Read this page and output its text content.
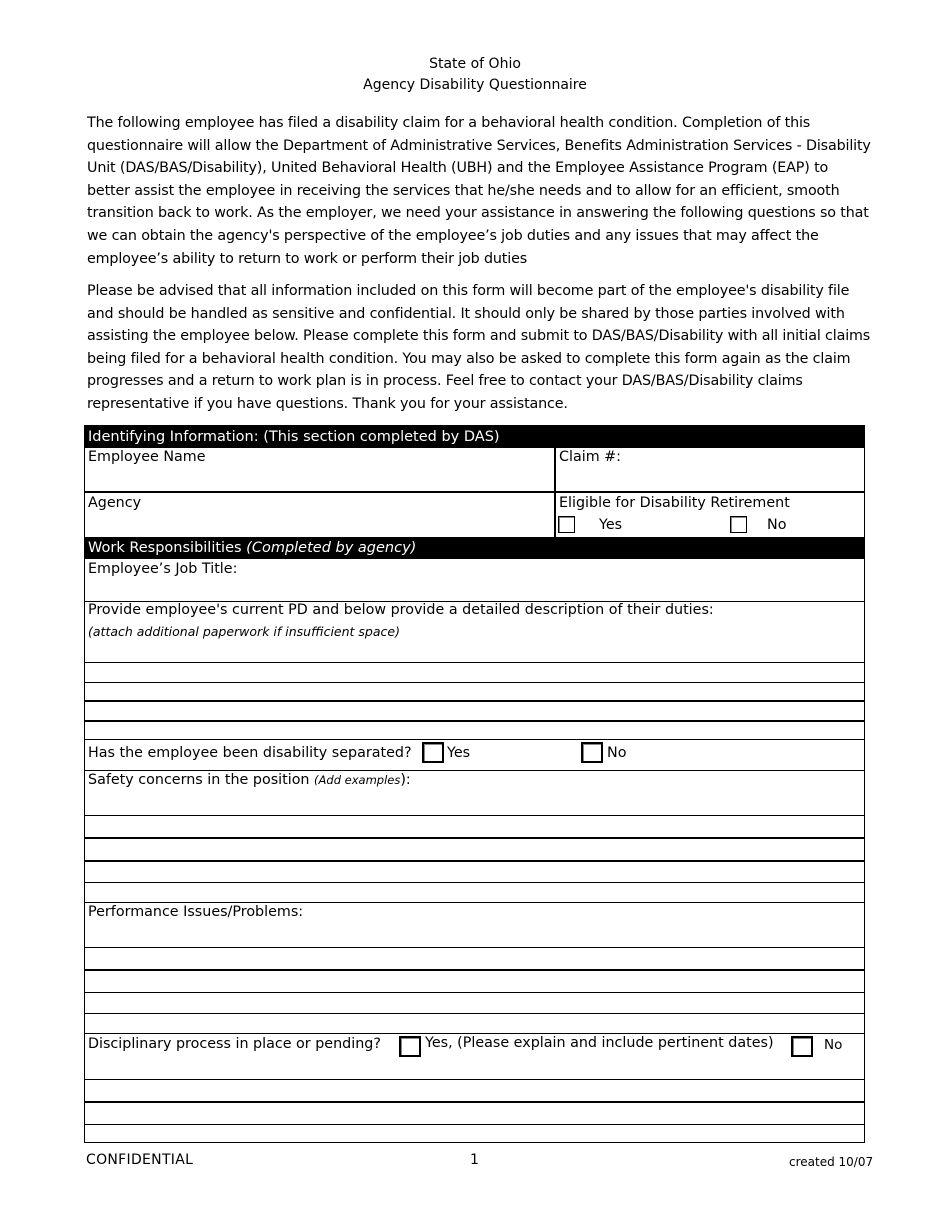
State of Ohio
Agency Disability Questionnaire

The following employee has filed a disability claim for a behavioral health condition. Completion of this questionnaire will allow the Department of Administrative Services, Benefits Administration Services - Disability Unit (DAS/BAS/Disability), United Behavioral Health (UBH) and the Employee Assistance Program (EAP) to better assist the employee in receiving the services that he/she needs and to allow for an efficient, smooth transition back to work. As the employer, we need your assistance in answering the following questions so that we can obtain the agency's perspective of the employee’s job duties and any issues that may affect the employee’s ability to return to work or perform their job duties

Please be advised that all information included on this form will become part of the employee's disability file and should be handled as sensitive and confidential. It should only be shared by those parties involved with assisting the employee below. Please complete this form and submit to DAS/BAS/Disability with all initial claims being filed for a behavioral health condition. You may also be asked to complete this form again as the claim progresses and a return to work plan is in process. Feel free to contact your DAS/BAS/Disability claims representative if you have questions. Thank you for your assistance.

Identifying Information: (This section completed by DAS)
Employee Name	Claim #:
Agency	Eligible for Disability Retirement
Yes	No
Work Responsibilities (Completed by agency)
Employee’s Job Title:
Provide employee's current PD and below provide a detailed description of their duties:
(attach additional paperwork if insufficient space)
Has the employee been disability separated? Yes	No
Safety concerns in the position (Add examples):
Performance Issues/Problems:
Disciplinary process in place or pending?	Yes, (Please explain and include pertinent dates)	No
CONFIDENTIAL	1	created 10/07
